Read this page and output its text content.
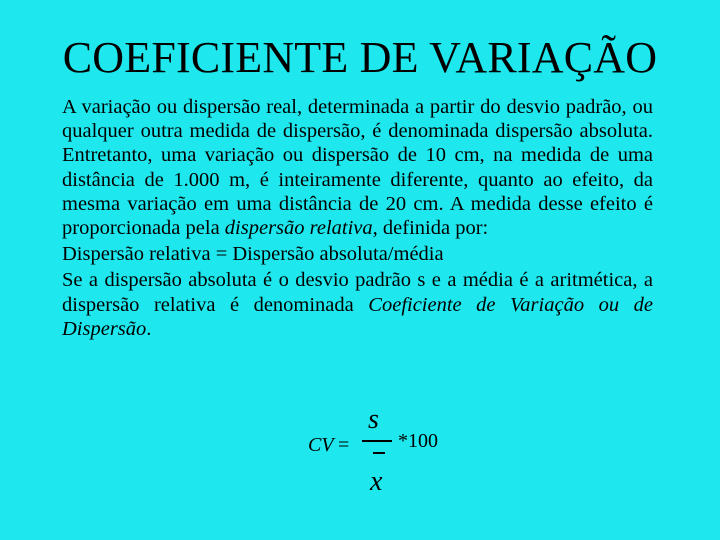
COEFICIENTE DE VARIAÇÃO

A variação ou dispersão real, determinada a partir do desvio padrão, ou qualquer outra medida de dispersão, é denominada dispersão absoluta. Entretanto, uma variação ou dispersão de 10 cm, na medida de uma distância de 1.000 m, é inteiramente diferente, quanto ao efeito, da mesma variação em uma distância de 20 cm. A medida desse efeito é proporcionada pela dispersão relativa, definida por:

Dispersão relativa = Dispersão absoluta/média

Se a dispersão absoluta é o desvio padrão s e a média é a aritmética, a dispersão relativa é denominada Coeficiente de Variação ou de Dispersão.

CV =
s
x
*100
